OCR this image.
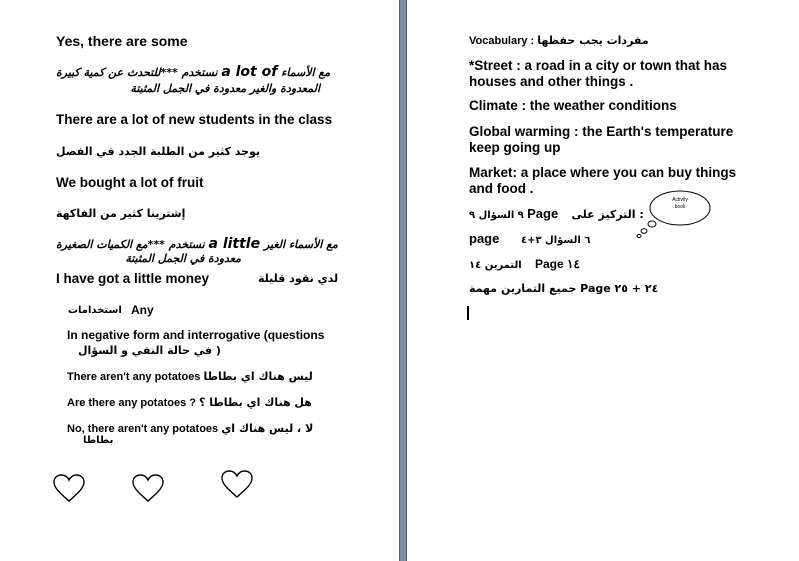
Yes, there are some
نستخدم ***للتحدث عن كمية كبيرة a lot of مع الأسماء
المعدودة والغير معدودة في الجمل المثبتة
There are a lot of new students in the class
يوجد كثير من الطلبة الجدد في الفصل
We bought a lot of fruit
إشترينا كثير من الفاكهة
نستخدم ***مع الكميات الصغيرة a little مع الأسماء الغير
معدودة في الجمل المثبتة
I have got a little money	لدي نقود قليلة
استخدامات Any
In negative form and interrogative (questions
في حالة النفي و السؤال )
There aren't any potatoes ليس هناك اي بطاطا
Are there any potatoes ? هل هناك اي بطاطا ؟
No, there aren't any potatoes لا ، ليس هناك اي
بطاطا
Vocabulary : مفردات يجب حفظها
*Street : a road in a city or town that has
houses and other things .
Climate : the weather conditions
Global warming : the Earth's temperature
keep going up
Market: a place where you can buy things
and food .
٩ السؤال ٩ Page التركيز على :
Activity
book
page	٦ السؤال ٣+٤
التمرين ١٤ Page ١٤
جميع التمارين مهمة Page ٢٤ + ٢٥
